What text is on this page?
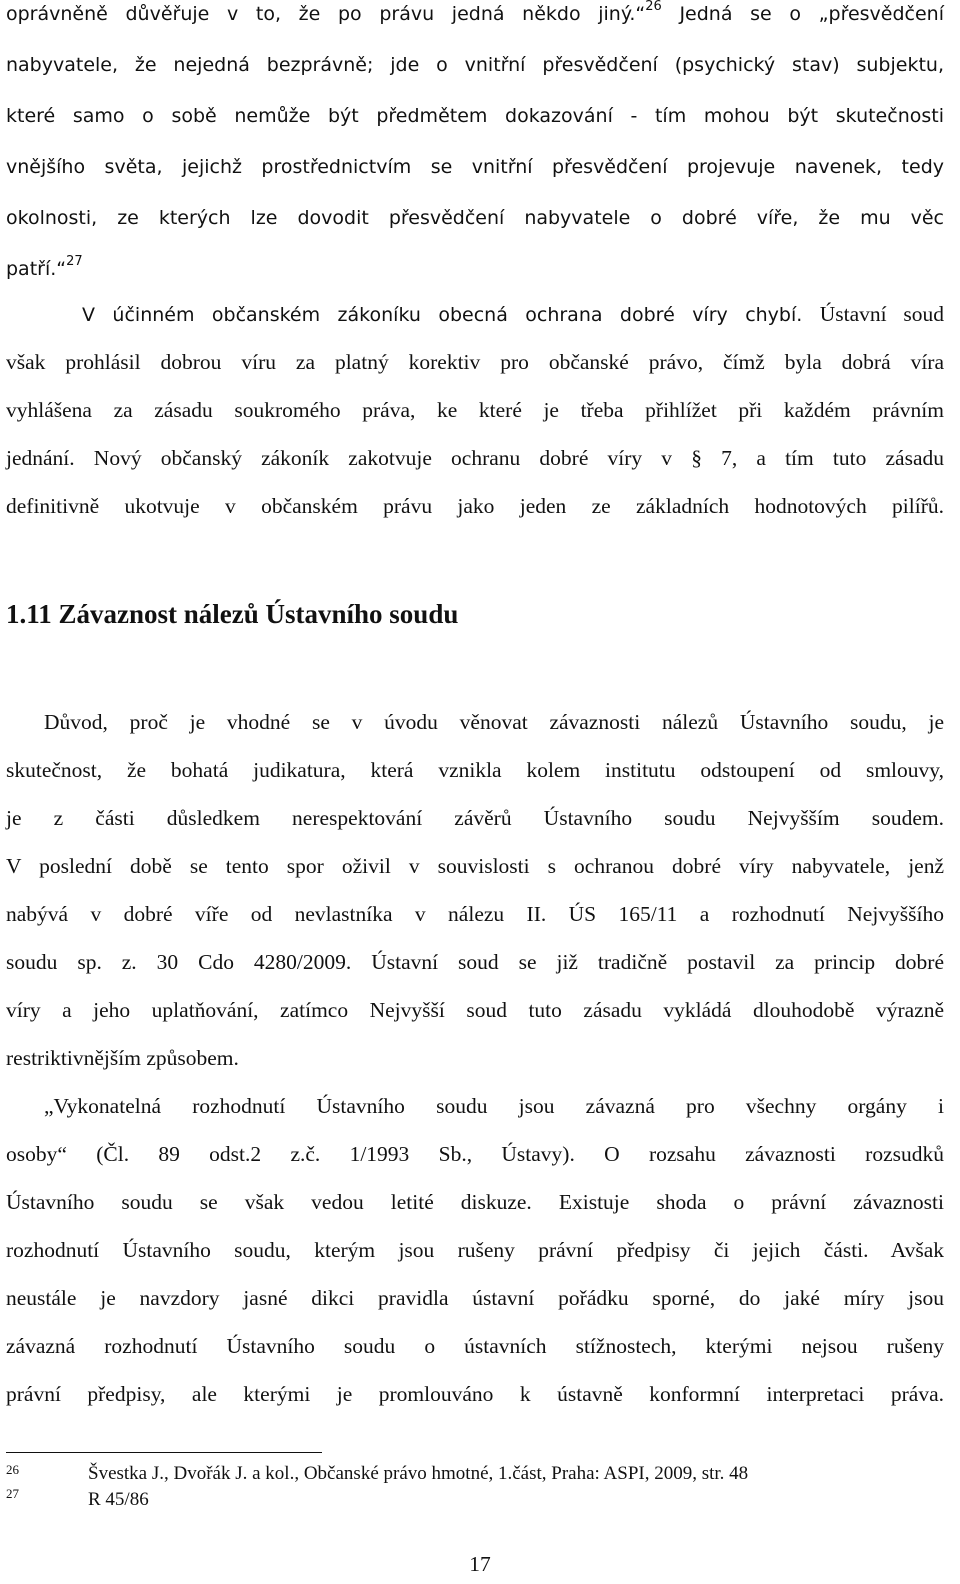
oprávněně důvěřuje v to, že po právu jedná někdo jiný.“$^{26}$ Jedná se o „přesvědčení
nabyvatele, že nejedná bezprávně; jde o vnitřní přesvědčení (psychický stav) subjektu,
které samo o sobě nemůže být předmětem dokazování - tím mohou být skutečnosti
vnějšího světa, jejichž prostřednictvím se vnitřní přesvědčení projevuje navenek, tedy
okolnosti, ze kterých lze dovodit přesvědčení nabyvatele o dobré víře, že mu věc
patří.“$^{27}$
V účinném občanském zákoníku obecná ochrana dobré víry chybí. Ústavní soud
však prohlásil dobrou víru za platný korektiv pro občanské právo, čímž byla dobrá víra
vyhlášena za zásadu soukromého práva, ke které je třeba přihlížet při každém právním
jednání. Nový občanský zákoník zakotvuje ochranu dobré víry v § 7, a tím tuto zásadu
definitivně ukotvuje v občanském právu jako jeden ze základních hodnotových pilířů.
1.11 Závaznost nálezů Ústavního soudu
Důvod, proč je vhodné se v úvodu věnovat závaznosti nálezů Ústavního soudu, je
skutečnost, že bohatá judikatura, která vznikla kolem institutu odstoupení od smlouvy,
je z části důsledkem nerespektování závěrů Ústavního soudu Nejvyšším soudem.
V poslední době se tento spor oživil v souvislosti s ochranou dobré víry nabyvatele, jenž
nabývá v dobré víře od nevlastníka v nálezu II. ÚS 165/11 a rozhodnutí Nejvyššího
soudu sp. z. 30 Cdo 4280/2009. Ústavní soud se již tradičně postavil za princip dobré
víry a jeho uplatňování, zatímco Nejvyšší soud tuto zásadu vykládá dlouhodobě výrazně
restriktivnějším způsobem.
„Vykonatelná rozhodnutí Ústavního soudu jsou závazná pro všechny orgány i
osoby“ (Čl. 89 odst.2 z.č. 1/1993 Sb., Ústavy). O rozsahu závaznosti rozsudků
Ústavního soudu se však vedou letité diskuze. Existuje shoda o právní závaznosti
rozhodnutí Ústavního soudu, kterým jsou rušeny právní předpisy či jejich části. Avšak
neustále je navzdory jasné dikci pravidla ústavní pořádku sporné, do jaké míry jsou
závazná rozhodnutí Ústavního soudu o ústavních stížnostech, kterými nejsou rušeny
právní předpisy, ale kterými je promlouváno k ústavně konformní interpretaci práva.
26	Švestka J., Dvořák J. a kol., Občanské právo hmotné, 1.část, Praha: ASPI, 2009, str. 48
27	R 45/86
17
